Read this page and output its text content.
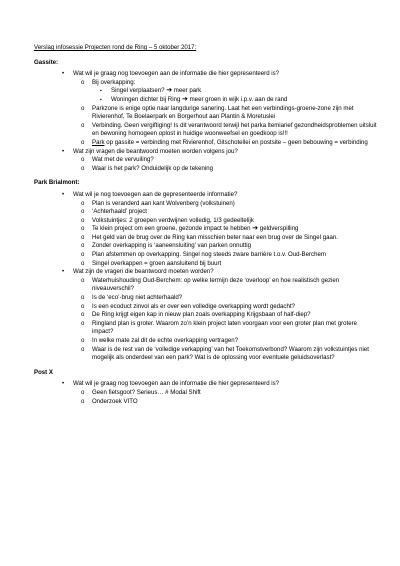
Verslag infosessie Projecten rond de Ring – 5 oktober 2017:
Gassite:
• Wat wil je graag nog toevoegen aan de informatie die hier gepresenteerd is?
o Bij overkapping:
▪ Singel verplaatsen? ➔ meer park
▪ Woningen dichter bij Ring ➔ meer groen in wijk i.p.v. aan de rand
o Parkzone is enige optie naar langdurige sanering. Laat het een verbindings-groene-zone zijn met Rivierenhof, Te Boelaerpark en Borgerhout aan Plantin & Moretuslei
o Verbinding. Geen vergiftiging! Is dit verantwoord terwijl het parka ltemiarief gezondheidsproblemen uitsluit en bewoning homogeen oplost in huidige woonweefsel en goedkoop is!!!
o Park op gassite = verbinding met Rivierenhof, Gitschotellei en postsite – geen bebouwing = verbinding
• Wat zijn vragen die beantwoord moeten worden volgens jou?
o Wat met de vervuiling?
o Waar is het park? Onduidelijk op de tekening
Park Brialmont:
• Wat wil je nog toevoegen aan de gepresenteerde informatie?
o Plan is veranderd aan kant Wolvenberg (volkstuinen)
o ‘Achterhaald’ project
o Volkstuintjes: 2 groepen verdwijnen volledig, 1/3 gedeeltelijk
o Te klein project om een groene, gezonde impact te hebben ➔ geldverspilling
o Het geld van de brug over de Ring kan misschien beter naar een brug over de Singel gaan.
o Zonder overkapping is ‘aaneensluiting’ van parken onnuttig
o Plan afstemmen op overkapping. Singel nog steeds zware barrière t.o.v. Oud-Berchem
o Singel overkappen = groen aansluitend bij buurt
• Wat zijn de vragen die beantwoord moeten worden?
o Waterhuishouding Oud-Berchem: op welke termijn deze ‘overloop’ en hoe realistisch gezien niveauverschil?
o Is de ‘eco’-brug niet achterhaald?
o Is een ecoduct zinvol als er over een volledige overkapping wordt gedacht?
o De Ring krijgt eigen kap in nieuw plan zoals overkapping Krijgsbaan of half-diep?
o Ringland plan is groter. Waarom zo’n klein project laten voorgaan voor een groter plan met grotere impact?
o In welke mate zal dit de echte overkapping vertragen?
o Waar is de rest van de ‘volledige verkapping’ van het Toekomstverbond? Waarom zijn volkstuintjes niet mogelijk als onderdeel van een park? Wat is de oplossing voor eventuele geluidsoverlast?
Post X
• Wat wil je graag nog toevoegen aan de informatie die hier gepresenteerd is?
o Geen fietsgoot? Serieus… # Modal Shift
o Onderzoek VITO
